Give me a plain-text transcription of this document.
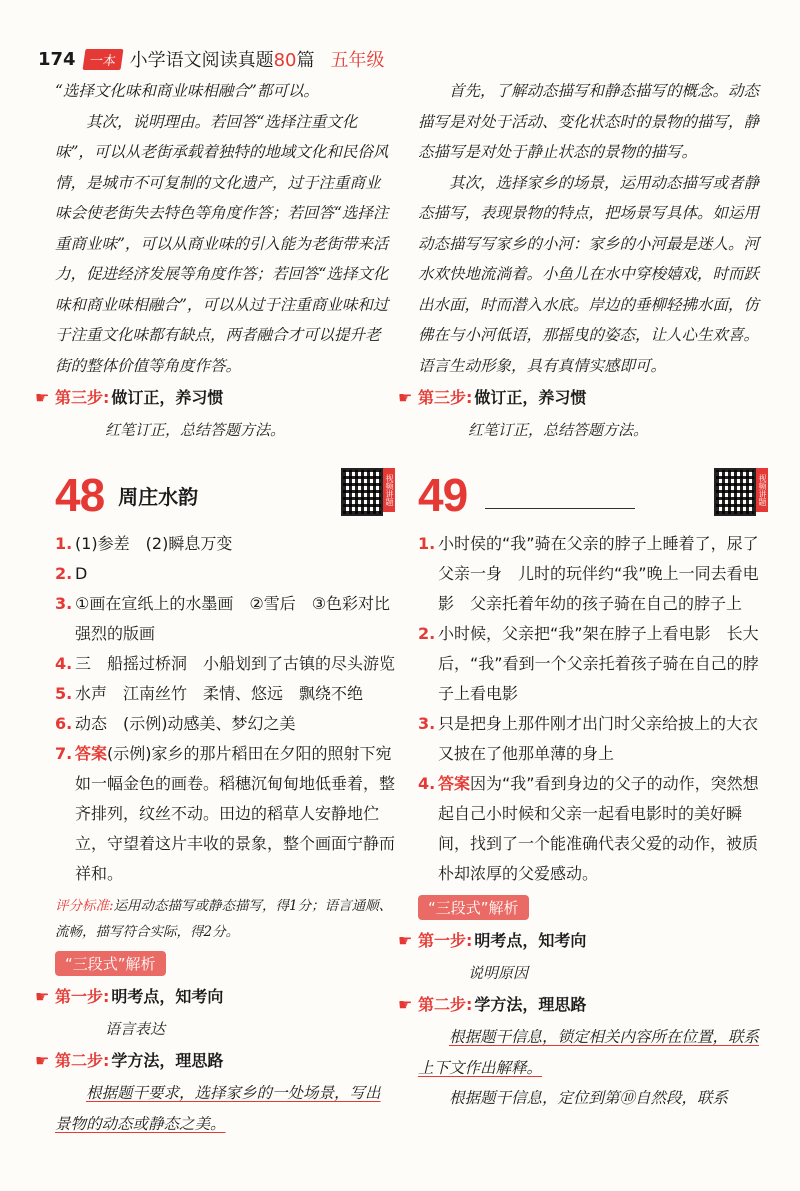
174 一本 小学语文阅读真题80篇 五年级

“选择文化味和商业味相融合”都可以。

其次，说明理由。若回答“选择注重文化味”，可以从老街承载着独特的地域文化和民俗风情，是城市不可复制的文化遗产，过于注重商业味会使老街失去特色等角度作答；若回答“选择注重商业味”，可以从商业味的引入能为老街带来活力，促进经济发展等角度作答；若回答“选择文化味和商业味相融合”，可以从过于注重商业味和过于注重文化味都有缺点，两者融合才可以提升老街的整体价值等角度作答。

☛ 第三步: 做订正，养习惯
红笔订正，总结答题方法。
48 周庄水韵	视频讲题
1. (1)参差　(2)瞬息万变
2. D
3. ①画在宣纸上的水墨画　②雪后　③色彩对比强烈的版画
4. 三　船摇过桥洞　小船划到了古镇的尽头游览
5. 水声　江南丝竹　柔情、悠远　飘绕不绝
6. 动态　(示例)动感美、梦幻之美
7. 答案(示例)家乡的那片稻田在夕阳的照射下宛如一幅金色的画卷。稻穗沉甸甸地低垂着，整齐排列，纹丝不动。田边的稻草人安静地伫立，守望着这片丰收的景象，整个画面宁静而祥和。
评分标准:运用动态描写或静态描写，得1分；语言通顺、流畅，描写符合实际，得2分。
“三段式”解析
☛ 第一步: 明考点，知考向
语言表达
☛ 第二步: 学方法，理思路

根据题干要求，选择家乡的一处场景，写出景物的动态或静态之美。

首先，了解动态描写和静态描写的概念。动态描写是对处于活动、变化状态时的景物的描写，静态描写是对处于静止状态的景物的描写。

其次，选择家乡的场景，运用动态描写或者静态描写，表现景物的特点，把场景写具体。如运用动态描写写家乡的小河：家乡的小河最是迷人。河水欢快地流淌着。小鱼儿在水中穿梭嬉戏，时而跃出水面，时而潜入水底。岸边的垂柳轻拂水面，仿佛在与小河低语，那摇曳的姿态，让人心生欢喜。语言生动形象，具有真情实感即可。

☛ 第三步: 做订正，养习惯
红笔订正，总结答题方法。
49	视频讲题
1. 小时侯的“我”骑在父亲的脖子上睡着了，尿了父亲一身　儿时的玩伴约“我”晚上一同去看电影　父亲托着年幼的孩子骑在自己的脖子上
2. 小时候，父亲把“我”架在脖子上看电影　长大后，“我”看到一个父亲托着孩子骑在自己的脖子上看电影
3. 只是把身上那件刚才出门时父亲给披上的大衣又披在了他那单薄的身上
4. 答案因为“我”看到身边的父子的动作，突然想起自己小时候和父亲一起看电影时的美好瞬间，找到了一个能准确代表父爱的动作，被质朴却浓厚的父爱感动。
“三段式”解析
☛ 第一步: 明考点，知考向
说明原因
☛ 第二步: 学方法，理思路

根据题干信息，锁定相关内容所在位置，联系上下文作出解释。

根据题干信息，定位到第⑩自然段，联系
